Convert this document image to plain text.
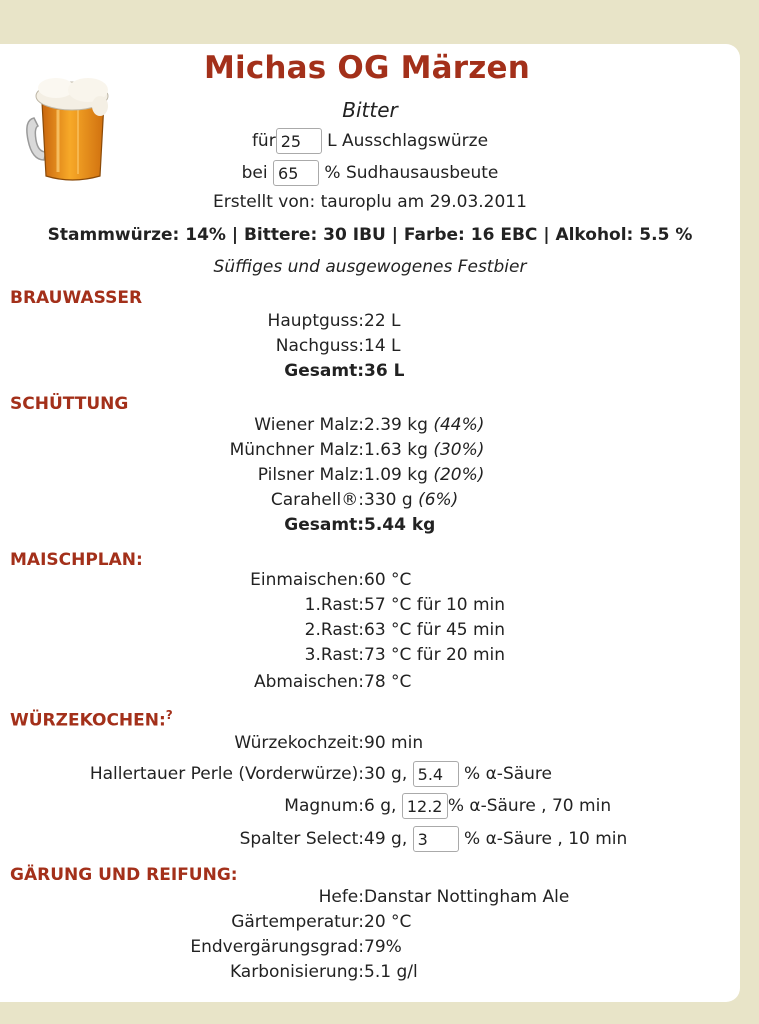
Michas OG Märzen
Bitter
für 25 L Ausschlagswürze
bei 65 % Sudhausausbeute
Erstellt von: tauroplu am 29.03.2011
Stammwürze: 14% | Bittere: 30 IBU | Farbe: 16 EBC | Alkohol: 5.5 %
Süffiges und ausgewogenes Festbier
BRAUWASSER
Hauptguss: 22 L
Nachguss: 14 L
Gesamt: 36 L
SCHÜTTUNG
Wiener Malz: 2.39 kg (44%)
Münchner Malz: 1.63 kg (30%)
Pilsner Malz: 1.09 kg (20%)
Carahell®: 330 g (6%)
Gesamt: 5.44 kg
MAISCHPLAN:
Einmaischen: 60 °C
1.Rast: 57 °C für 10 min
2.Rast: 63 °C für 45 min
3.Rast: 73 °C für 20 min
Abmaischen: 78 °C
WÜRZEKOCHEN:?
Würzekochzeit: 90 min
Hallertauer Perle (Vorderwürze): 30 g, 5.4 % α-Säure
Magnum: 6 g, 12.2 % α-Säure , 70 min
Spalter Select: 49 g, 3 % α-Säure , 10 min
GÄRUNG UND REIFUNG:
Hefe: Danstar Nottingham Ale
Gärtemperatur: 20 °C
Endvergärungsgrad: 79%
Karbonisierung: 5.1 g/l
